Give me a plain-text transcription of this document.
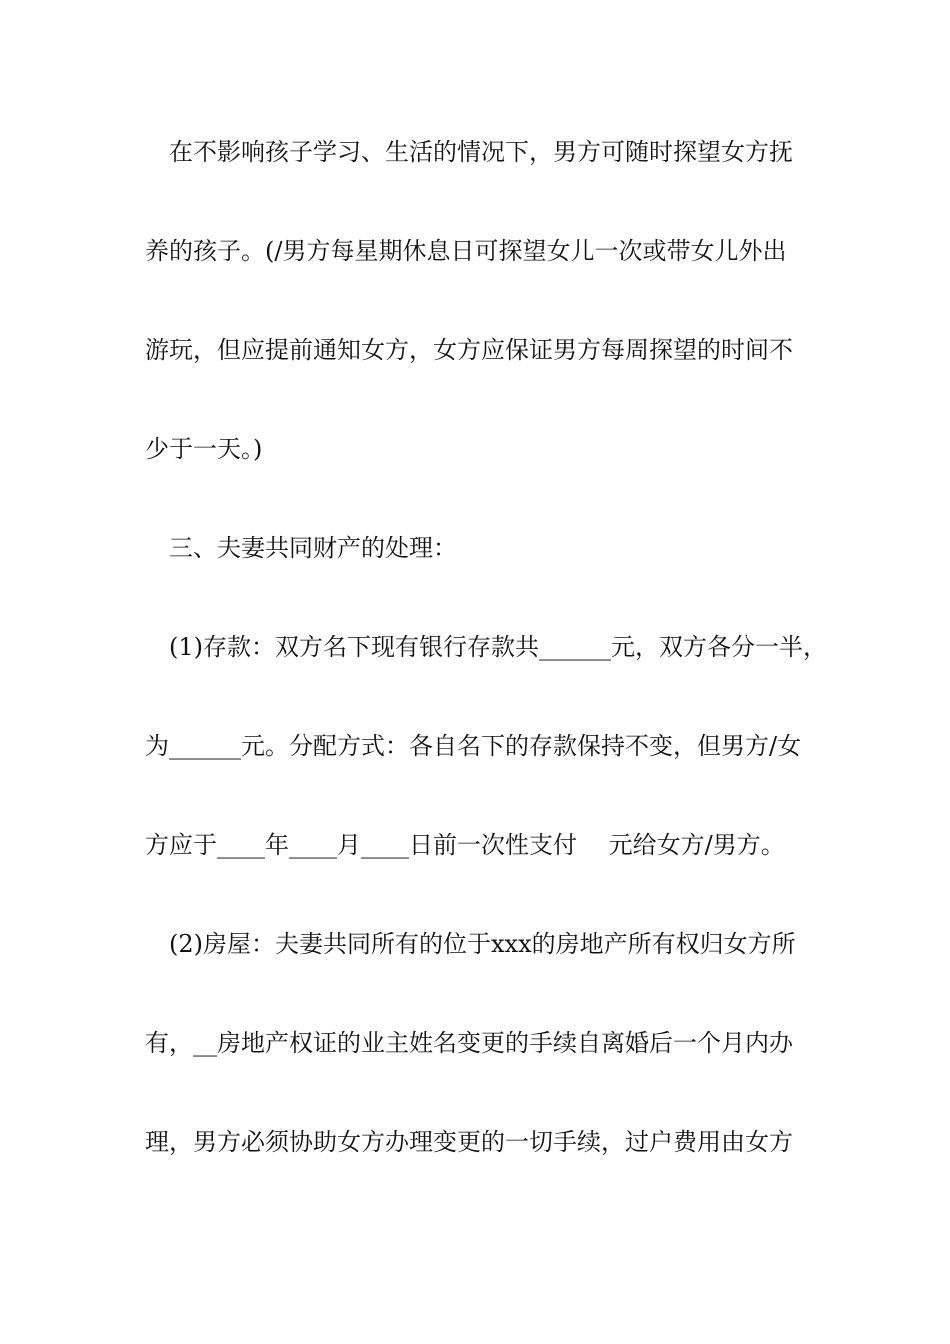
　在不影响孩子学习、生活的情况下，男方可随时探望女方抚
养的孩子。(/男方每星期休息日可探望女儿一次或带女儿外出
游玩，但应提前通知女方，女方应保证男方每周探望的时间不
少于一天。)
　三、夫妻共同财产的处理：
　(1)存款：双方名下现有银行存款共______元，双方各分一半，
为______元。分配方式：各自名下的存款保持不变，但男方/女
方应于____年____月____日前一次性支付　 元给女方/男方。
　(2)房屋：夫妻共同所有的位于xxx的房地产所有权归女方所
有，__房地产权证的业主姓名变更的手续自离婚后一个月内办
理，男方必须协助女方办理变更的一切手续，过户费用由女方
